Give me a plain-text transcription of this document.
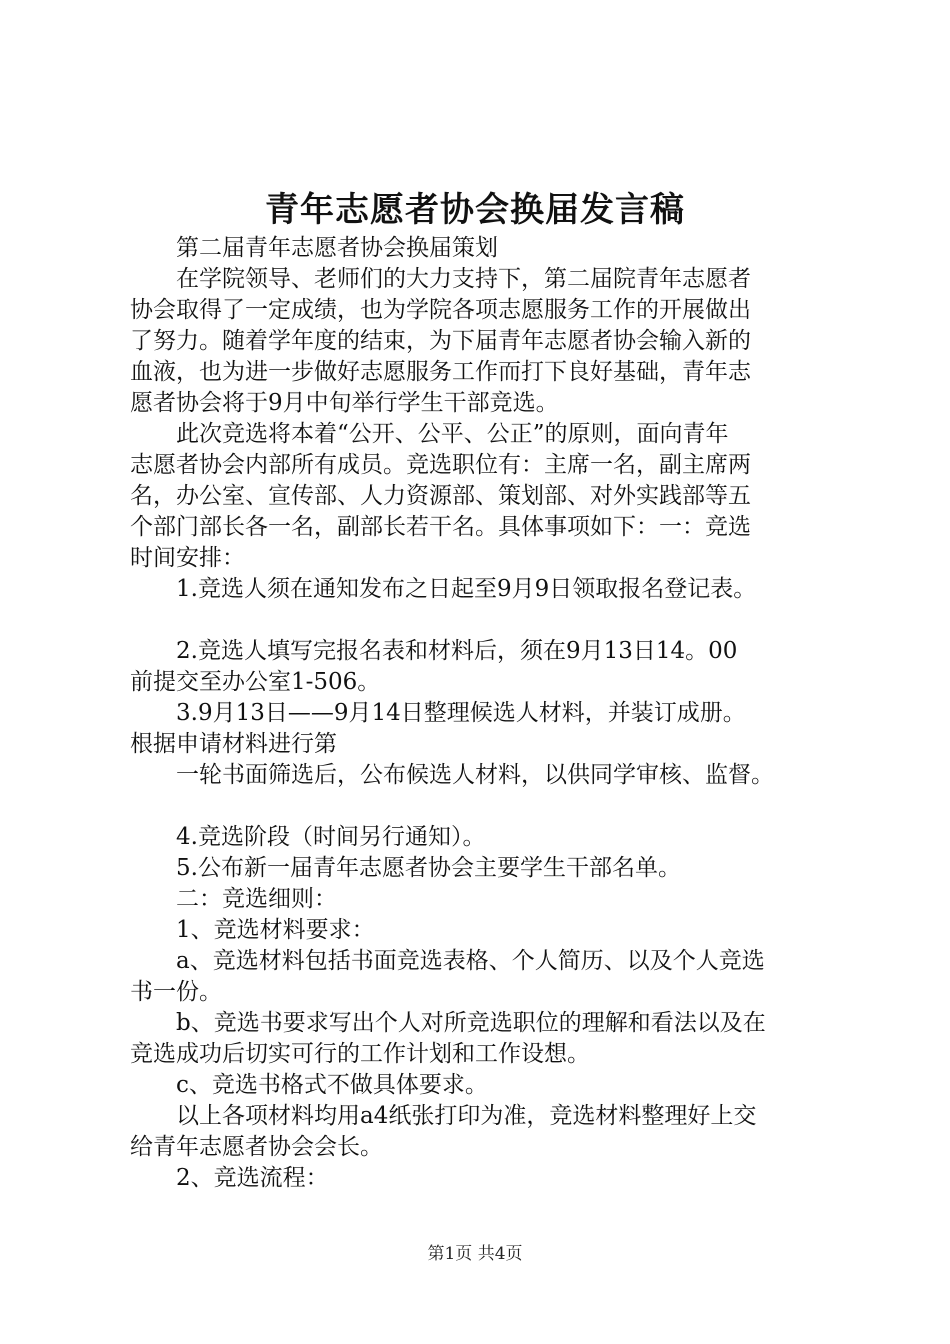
青年志愿者协会换届发言稿

第二届青年志愿者协会换届策划

在学院领导、老师们的大力支持下，第二届院青年志愿者

协会取得了一定成绩，也为学院各项志愿服务工作的开展做出

了努力。随着学年度的结束，为下届青年志愿者协会输入新的

血液，也为进一步做好志愿服务工作而打下良好基础，青年志

愿者协会将于9月中旬举行学生干部竞选。

此次竞选将本着“公开、公平、公正”的原则，面向青年

志愿者协会内部所有成员。竞选职位有：主席一名，副主席两

名，办公室、宣传部、人力资源部、策划部、对外实践部等五

个部门部长各一名，副部长若干名。具体事项如下：一：竞选

时间安排：

1.竞选人须在通知发布之日起至9月9日领取报名登记表。

2.竞选人填写完报名表和材料后，须在9月13日14。00

前提交至办公室1-506。

3.9月13日——9月14日整理候选人材料，并装订成册。

根据申请材料进行第

一轮书面筛选后，公布候选人材料，以供同学审核、监督。

4.竞选阶段（时间另行通知）。

5.公布新一届青年志愿者协会主要学生干部名单。

二：竞选细则：

1、竞选材料要求：

a、竞选材料包括书面竞选表格、个人简历、以及个人竞选

书一份。

b、竞选书要求写出个人对所竞选职位的理解和看法以及在

竞选成功后切实可行的工作计划和工作设想。

c、竞选书格式不做具体要求。

以上各项材料均用a4纸张打印为准，竞选材料整理好上交

给青年志愿者协会会长。

2、竞选流程：

第1页 共4页
